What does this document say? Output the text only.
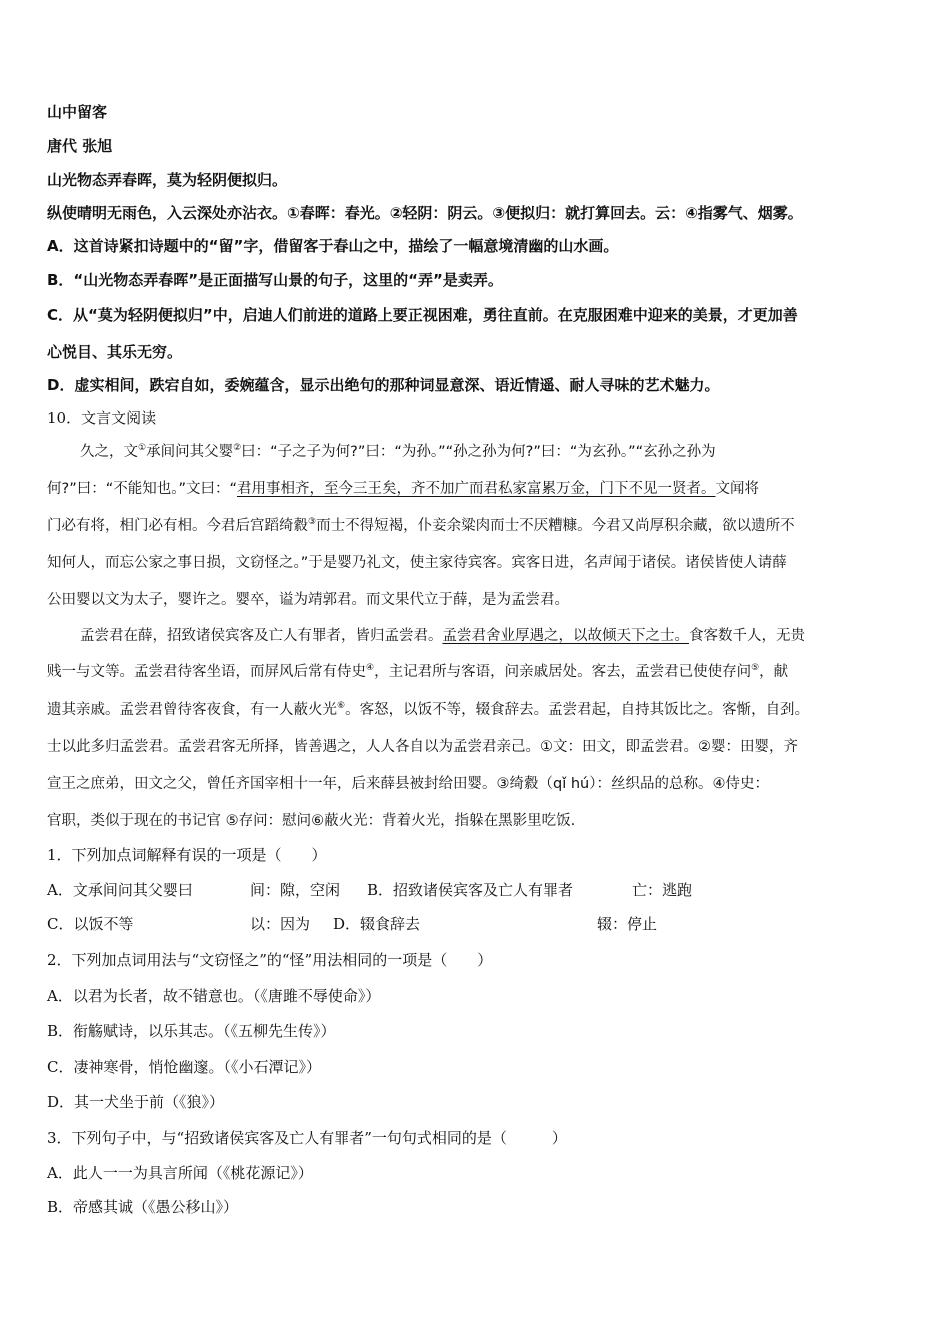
山中留客
唐代 张旭
山光物态弄春晖，莫为轻阴便拟归。
纵使晴明无雨色，入云深处亦沾衣。①春晖：春光。②轻阴：阴云。③便拟归：就打算回去。云：④指雾气、烟雾。
A．这首诗紧扣诗题中的“留”字，借留客于春山之中，描绘了一幅意境清幽的山水画。
B．“山光物态弄春晖”是正面描写山景的句子，这里的“弄”是卖弄。
C．从“莫为轻阴便拟归”中，启迪人们前进的道路上要正视困难，勇往直前。在克服困难中迎来的美景，才更加善
心悦目、其乐无穷。
D．虚实相间，跌宕自如，委婉蕴含，显示出绝句的那种词显意深、语近情遥、耐人寻味的艺术魅力。
10．文言文阅读
久之，文①承间问其父婴②曰：“子之子为何?”曰：“为孙。”“孙之孙为何?”曰：“为玄孙。”“玄孙之孙为
何?”曰：“不能知也。”文曰：“君用事相齐，至今三王矣，齐不加广而君私家富累万金，门下不见一贤者。文闻将
门必有将，相门必有相。今君后宫蹈绮縠③而士不得短褐，仆妾余粱肉而士不厌糟糠。今君又尚厚积余藏，欲以遗所不
知何人，而忘公家之事日损，文窃怪之。”于是婴乃礼文，使主家待宾客。宾客日进，名声闻于诸侯。诸侯皆使人请薛
公田婴以文为太子，婴许之。婴卒，谥为靖郭君。而文果代立于薛，是为孟尝君。
孟尝君在薛，招致诸侯宾客及亡人有罪者，皆归孟尝君。孟尝君舍业厚遇之，以故倾天下之士。食客数千人，无贵
贱一与文等。孟尝君待客坐语，而屏风后常有侍史④，主记君所与客语，问亲戚居处。客去，孟尝君已使使存问⑤，献
遗其亲戚。孟尝君曾待客夜食，有一人蔽火光⑥。客怒，以饭不等，辍食辞去。孟尝君起，自持其饭比之。客惭，自刭。
士以此多归孟尝君。孟尝君客无所择，皆善遇之，人人各自以为孟尝君亲己。①文：田文，即孟尝君。②婴：田婴，齐
宣王之庶弟，田文之父，曾任齐国宰相十一年，后来薛县被封给田婴。③绮縠（qǐ hú）：丝织品的总称。④侍史：
官职，类似于现在的书记官 ⑤存问：慰问⑥蔽火光：背着火光，指躲在黑影里吃饭.
1．下列加点词解释有误的一项是（　　）
A．文承间问其父婴曰	间：隙，空闲 B．招致诸侯宾客及亡人有罪者	亡：逃跑
C．以饭不等	以：因为 D．辍食辞去	辍：停止
2．下列加点词用法与“文窃怪之”的“怪”用法相同的一项是（　　）
A．以君为长者，故不错意也。（《唐雎不辱使命》）
B．衔觞赋诗，以乐其志。（《五柳先生传》）
C．凄神寒骨，悄怆幽邃。（《小石潭记》）
D．其一犬坐于前（《狼》）
3．下列句子中，与“招致诸侯宾客及亡人有罪者”一句句式相同的是（　　　）
A．此人一一为具言所闻（《桃花源记》）
B．帝感其诚（《愚公移山》）
